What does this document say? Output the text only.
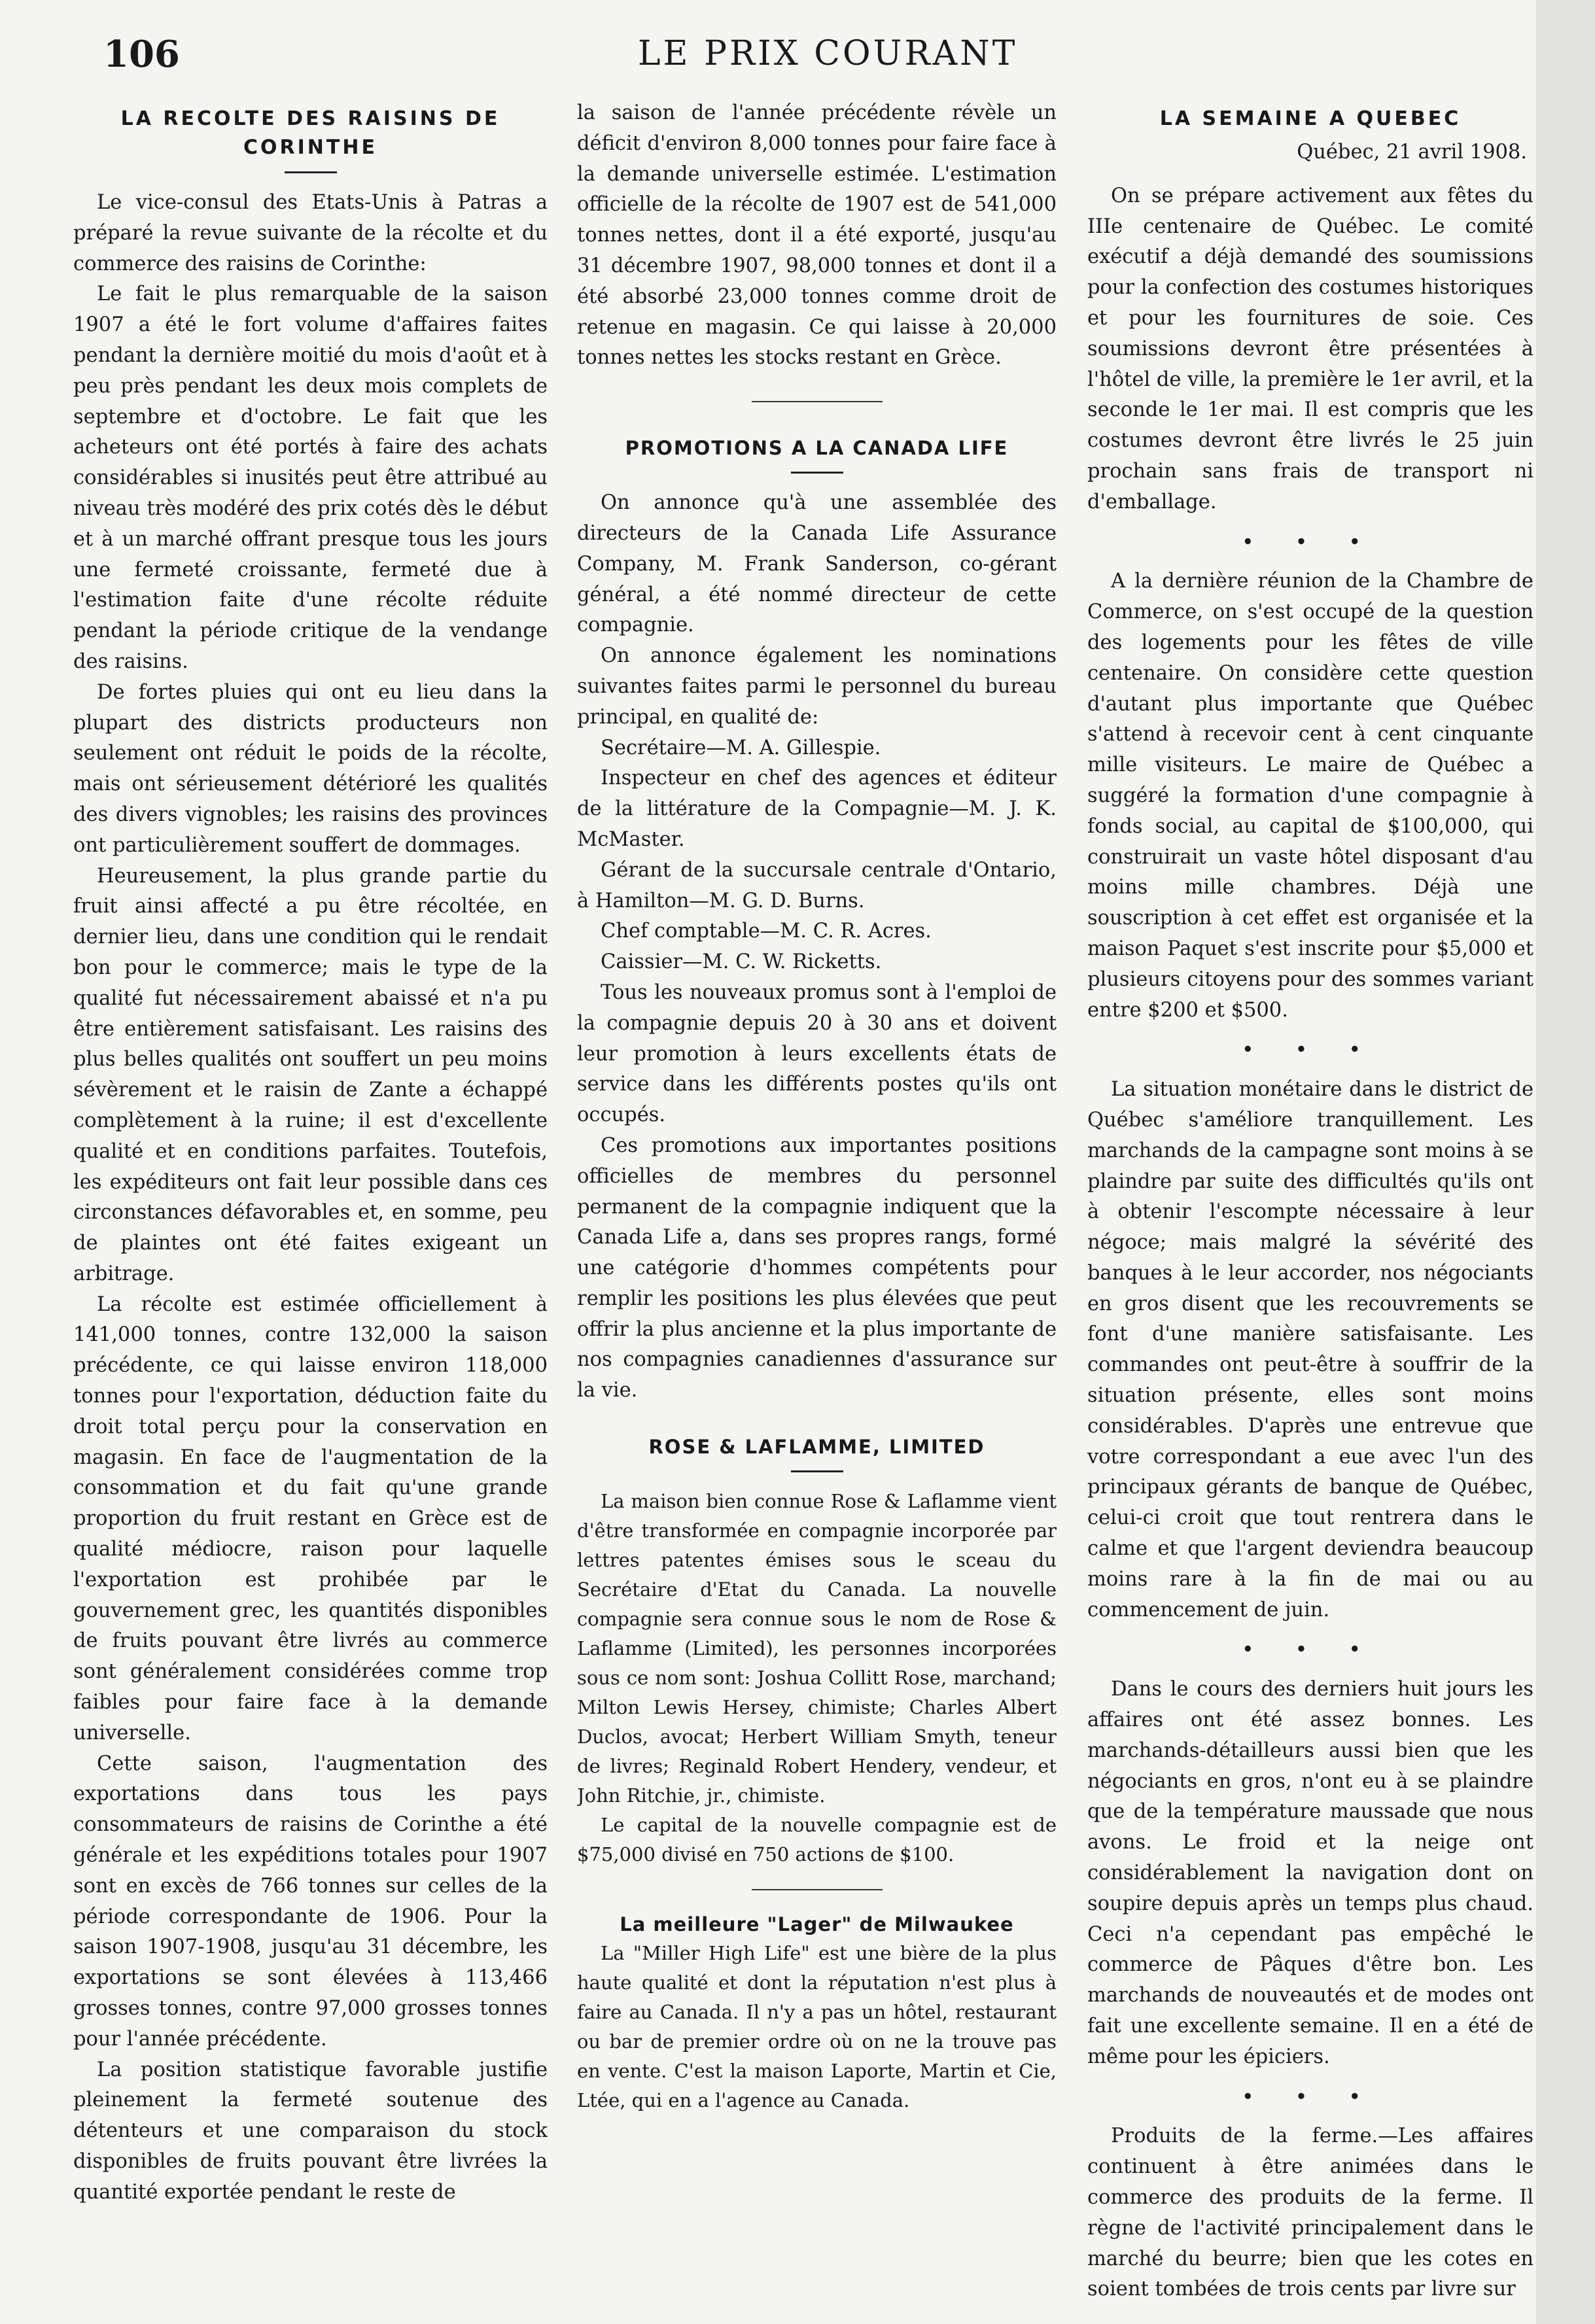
106	LE PRIX COURANT
LA RECOLTE DES RAISINS DE CORINTHE

Le vice-consul des Etats-Unis à Patras a préparé la revue suivante de la récolte et du commerce des raisins de Corinthe:

Le fait le plus remarquable de la saison 1907 a été le fort volume d'affaires faites pendant la dernière moitié du mois d'août et à peu près pendant les deux mois complets de septembre et d'octobre. Le fait que les acheteurs ont été portés à faire des achats considérables si inusités peut être attribué au niveau très modéré des prix cotés dès le début et à un marché offrant presque tous les jours une fermeté croissante, fermeté due à l'estimation faite d'une récolte réduite pendant la période critique de la vendange des raisins.

De fortes pluies qui ont eu lieu dans la plupart des districts producteurs non seulement ont réduit le poids de la récolte, mais ont sérieusement détérioré les qualités des divers vignobles; les raisins des provinces ont particulièrement souffert de dommages.

Heureusement, la plus grande partie du fruit ainsi affecté a pu être récoltée, en dernier lieu, dans une condition qui le rendait bon pour le commerce; mais le type de la qualité fut nécessairement abaissé et n'a pu être entièrement satisfaisant. Les raisins des plus belles qualités ont souffert un peu moins sévèrement et le raisin de Zante a échappé complètement à la ruine; il est d'excellente qualité et en conditions parfaites. Toutefois, les expéditeurs ont fait leur possible dans ces circonstances défavorables et, en somme, peu de plaintes ont été faites exigeant un arbitrage.

La récolte est estimée officiellement à 141,000 tonnes, contre 132,000 la saison précédente, ce qui laisse environ 118,000 tonnes pour l'exportation, déduction faite du droit total perçu pour la conservation en magasin. En face de l'augmentation de la consommation et du fait qu'une grande proportion du fruit restant en Grèce est de qualité médiocre, raison pour laquelle l'exportation est prohibée par le gouvernement grec, les quantités disponibles de fruits pouvant être livrés au commerce sont généralement considérées comme trop faibles pour faire face à la demande universelle.

Cette saison, l'augmentation des exportations dans tous les pays consommateurs de raisins de Corinthe a été générale et les expéditions totales pour 1907 sont en excès de 766 tonnes sur celles de la période correspondante de 1906. Pour la saison 1907-1908, jusqu'au 31 décembre, les exportations se sont élevées à 113,466 grosses tonnes, contre 97,000 grosses tonnes pour l'année précédente.

La position statistique favorable justifie pleinement la fermeté soutenue des détenteurs et une comparaison du stock disponibles de fruits pouvant être livrées la quantité exportée pendant le reste de

la saison de l'année précédente révèle un déficit d'environ 8,000 tonnes pour faire face à la demande universelle estimée. L'estimation officielle de la récolte de 1907 est de 541,000 tonnes nettes, dont il a été exporté, jusqu'au 31 décembre 1907, 98,000 tonnes et dont il a été absorbé 23,000 tonnes comme droit de retenue en magasin. Ce qui laisse à 20,000 tonnes nettes les stocks restant en Grèce.

PROMOTIONS A LA CANADA LIFE

On annonce qu'à une assemblée des directeurs de la Canada Life Assurance Company, M. Frank Sanderson, co-gérant général, a été nommé directeur de cette compagnie.

On annonce également les nominations suivantes faites parmi le personnel du bureau principal, en qualité de:

Secrétaire—M. A. Gillespie.

Inspecteur en chef des agences et éditeur de la littérature de la Compagnie—M. J. K. McMaster.

Gérant de la succursale centrale d'Ontario, à Hamilton—M. G. D. Burns.

Chef comptable—M. C. R. Acres.

Caissier—M. C. W. Ricketts.

Tous les nouveaux promus sont à l'emploi de la compagnie depuis 20 à 30 ans et doivent leur promotion à leurs excellents états de service dans les différents postes qu'ils ont occupés.

Ces promotions aux importantes positions officielles de membres du personnel permanent de la compagnie indiquent que la Canada Life a, dans ses propres rangs, formé une catégorie d'hommes compétents pour remplir les positions les plus élevées que peut offrir la plus ancienne et la plus importante de nos compagnies canadiennes d'assurance sur la vie.

ROSE & LAFLAMME, LIMITED

La maison bien connue Rose & Laflamme vient d'être transformée en compagnie incorporée par lettres patentes émises sous le sceau du Secrétaire d'Etat du Canada. La nouvelle compagnie sera connue sous le nom de Rose & Laflamme (Limited), les personnes incorporées sous ce nom sont: Joshua Collitt Rose, marchand; Milton Lewis Hersey, chimiste; Charles Albert Duclos, avocat; Herbert William Smyth, teneur de livres; Reginald Robert Hendery, vendeur, et John Ritchie, jr., chimiste.

Le capital de la nouvelle compagnie est de $75,000 divisé en 750 actions de $100.

La meilleure "Lager" de Milwaukee

La "Miller High Life" est une bière de la plus haute qualité et dont la réputation n'est plus à faire au Canada. Il n'y a pas un hôtel, restaurant ou bar de premier ordre où on ne la trouve pas en vente. C'est la maison Laporte, Martin et Cie, Ltée, qui en a l'agence au Canada.

LA SEMAINE A QUEBEC
Québec, 21 avril 1908.

On se prépare activement aux fêtes du IIIe centenaire de Québec. Le comité exécutif a déjà demandé des soumissions pour la confection des costumes historiques et pour les fournitures de soie. Ces soumissions devront être présentées à l'hôtel de ville, la première le 1er avril, et la seconde le 1er mai. Il est compris que les costumes devront être livrés le 25 juin prochain sans frais de transport ni d'emballage.

• • •

A la dernière réunion de la Chambre de Commerce, on s'est occupé de la question des logements pour les fêtes de ville centenaire. On considère cette question d'autant plus importante que Québec s'attend à recevoir cent à cent cinquante mille visiteurs. Le maire de Québec a suggéré la formation d'une compagnie à fonds social, au capital de $100,000, qui construirait un vaste hôtel disposant d'au moins mille chambres. Déjà une souscription à cet effet est organisée et la maison Paquet s'est inscrite pour $5,000 et plusieurs citoyens pour des sommes variant entre $200 et $500.

• • •

La situation monétaire dans le district de Québec s'améliore tranquillement. Les marchands de la campagne sont moins à se plaindre par suite des difficultés qu'ils ont à obtenir l'escompte nécessaire à leur négoce; mais malgré la sévérité des banques à le leur accorder, nos négociants en gros disent que les recouvrements se font d'une manière satisfaisante. Les commandes ont peut-être à souffrir de la situation présente, elles sont moins considérables. D'après une entrevue que votre correspondant a eue avec l'un des principaux gérants de banque de Québec, celui-ci croit que tout rentrera dans le calme et que l'argent deviendra beaucoup moins rare à la fin de mai ou au commencement de juin.

• • •

Dans le cours des derniers huit jours les affaires ont été assez bonnes. Les marchands-détailleurs aussi bien que les négociants en gros, n'ont eu à se plaindre que de la température maussade que nous avons. Le froid et la neige ont considérablement la navigation dont on soupire depuis après un temps plus chaud. Ceci n'a cependant pas empêché le commerce de Pâques d'être bon. Les marchands de nouveautés et de modes ont fait une excellente semaine. Il en a été de même pour les épiciers.

• • •

Produits de la ferme.—Les affaires continuent à être animées dans le commerce des produits de la ferme. Il règne de l'activité principalement dans le marché du beurre; bien que les cotes en soient tombées de trois cents par livre sur
